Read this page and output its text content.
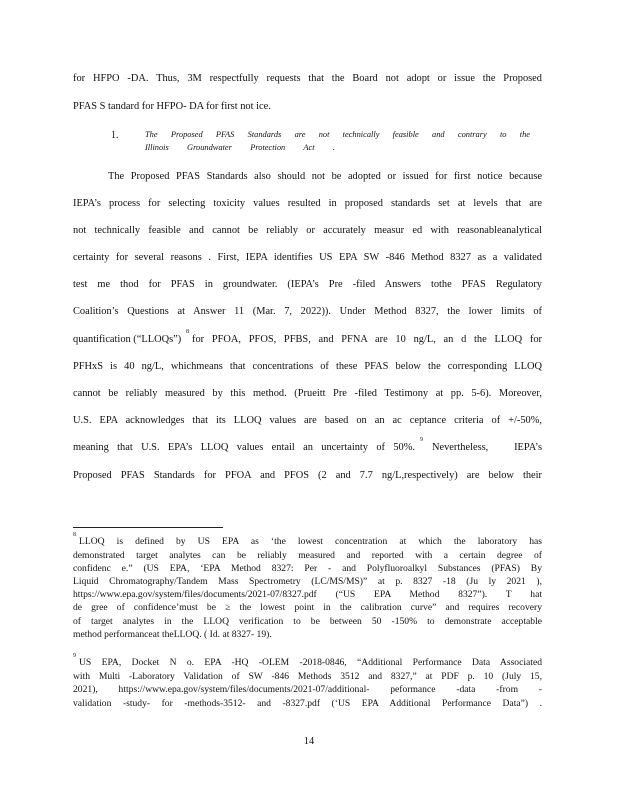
for HFPO -DA. Thus, 3M respectfully requests that the Board not adopt or issue the Proposed
PFAS S tandard for HFPO- DA for first not ice.
1.	The Proposed PFAS Standards are not technically feasible and contrary to the
Illinois Groundwater Protection Act .
The Proposed PFAS Standards also should not be adopted or issued for first notice because
IEPA’s process for selecting toxicity values resulted in proposed standards set at levels that are
not technically feasible and cannot be reliably or accurately measur ed with reasonableanalytical
certainty for several reasons . First, IEPA identifies US EPA SW -846 Method 8327 as a validated
test me thod for PFAS in groundwater. (IEPA’s Pre -filed Answers tothe PFAS Regulatory
Coalition’s Questions at Answer 11 (Mar. 7, 2022)). Under Method 8327, the lower limits of
quantification (“LLOQs”)
8
for PFOA, PFOS, PFBS, and PFNA are 10 ng/L, an d the LLOQ for
PFHxS is 40 ng/L, whichmeans that concentrations of these PFAS below the corresponding LLOQ
cannot be reliably measured by this method. (Prueitt Pre -filed Testimony at pp. 5-6). Moreover,
U.S. EPA acknowledges that its LLOQ values are based on an ac ceptance criteria of +/-50%,
meaning that U.S. EPA’s LLOQ values entail an uncertainty of 50%.
9
Nevertheless, IEPA’s
Proposed PFAS Standards for PFOA and PFOS (2 and 7.7 ng/L,respectively) are below their
8
LLOQ is defined by US EPA as ‘the lowest concentration at which the laboratory has
demonstrated target analytes can be reliably measured and reported with a certain degree of
confidenc e.” (US EPA, ‘EPA Method 8327: Per - and Polyfluoroalkyl Substances (PFAS) By
Liquid Chromatography/Tandem Mass Spectrometry (LC/MS/MS)” at p. 8327 -18 (Ju ly 2021 ),
https://www.epa.gov/system/files/documents/2021-07/8327.pdf (“US EPA Method 8327”). T hat
de gree of confidence’must be ≥ the lowest point in the calibration curve” and requires recovery
of target analytes in the LLOQ verification to be between 50 -150% to demonstrate acceptable
method performanceat theLLOQ. ( Id. at 8327- 19).
9
US EPA, Docket N o. EPA -HQ -OLEM -2018-0846, “Additional Performance Data Associated
with Multi -Laboratory Validation of SW -846 Methods 3512 and 8327,” at PDF p. 10 (July 15,
2021), https://www.epa.gov/system/files/documents/2021-07/additional- peformance -data -from -
validation -study- for -methods-3512- and -8327.pdf (‘US EPA Additional Performance Data”) .
14
